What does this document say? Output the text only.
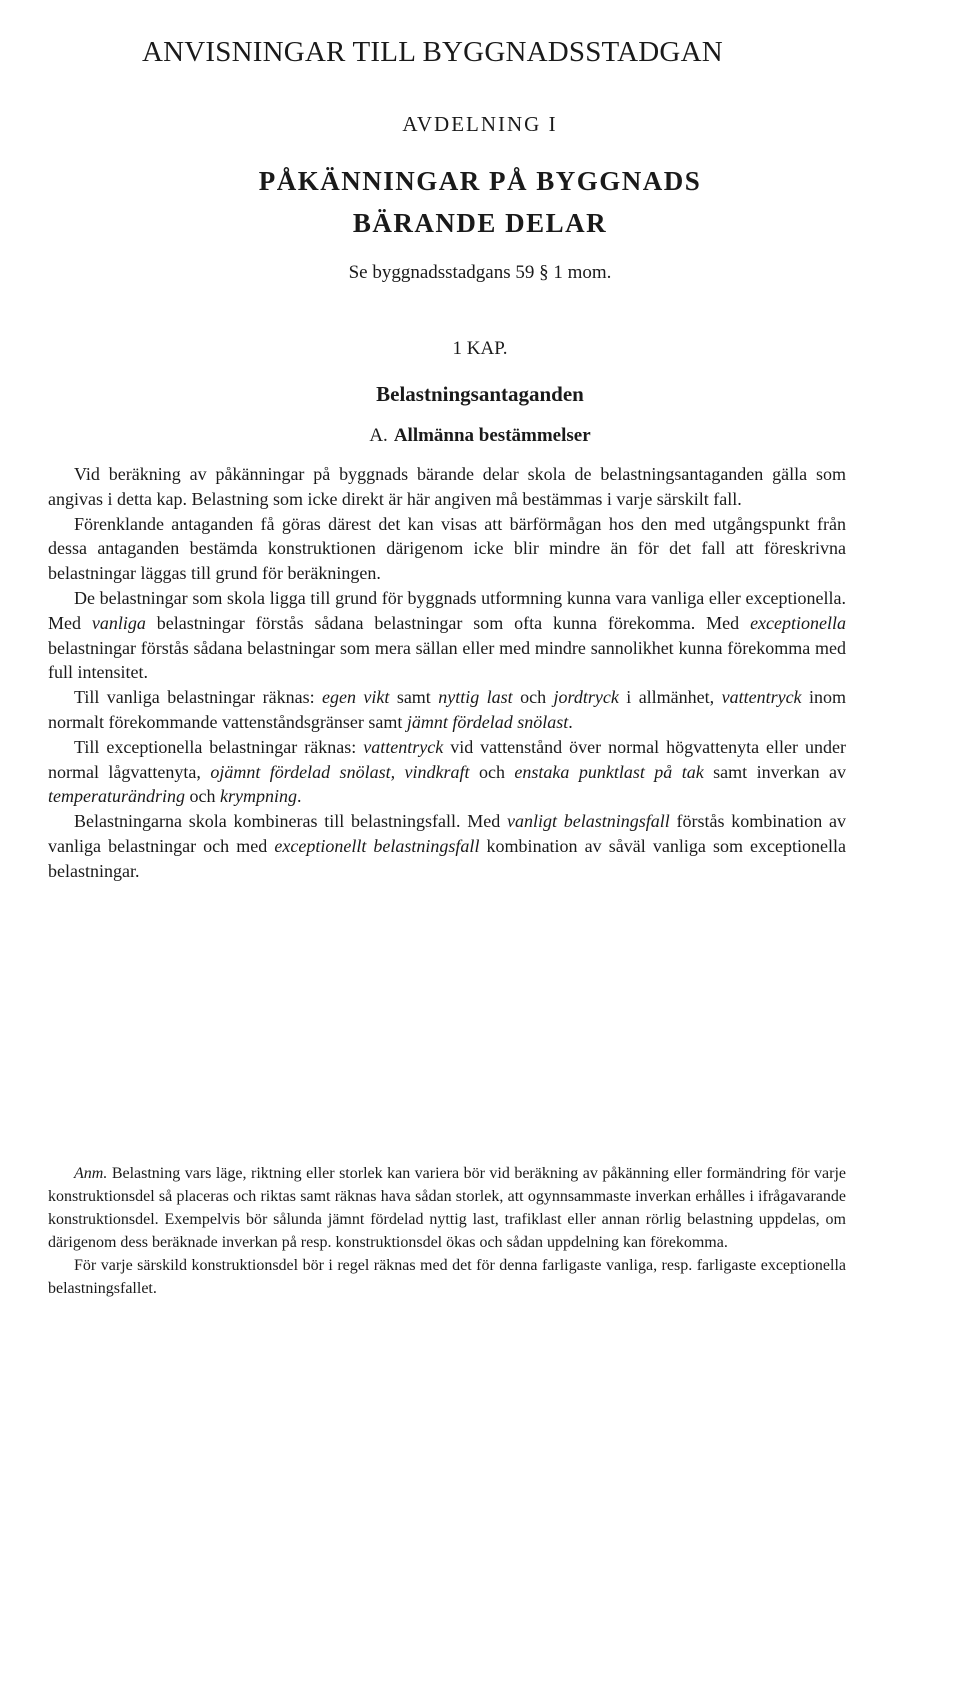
ANVISNINGAR TILL BYGGNADSSTADGAN
AVDELNING I
PÅKÄNNINGAR PÅ BYGGNADS
BÄRANDE DELAR
Se byggnadsstadgans 59 § 1 mom.
1 KAP.
Belastningsantaganden
A. Allmänna bestämmelser

Vid beräkning av påkänningar på byggnads bärande delar skola de belastningsantaganden gälla som angivas i detta kap. Belastning som icke direkt är här angiven må bestämmas i varje särskilt fall.

Förenklande antaganden få göras därest det kan visas att bärförmågan hos den med utgångspunkt från dessa antaganden bestämda konstruktionen därigenom icke blir mindre än för det fall att föreskrivna belastningar läggas till grund för beräkningen.

De belastningar som skola ligga till grund för byggnads utformning kunna vara vanliga eller exceptionella. Med vanliga belastningar förstås sådana belastningar som ofta kunna förekomma. Med exceptionella belastningar förstås sådana belastningar som mera sällan eller med mindre sannolikhet kunna förekomma med full intensitet.

Till vanliga belastningar räknas: egen vikt samt nyttig last och jordtryck i allmänhet, vattentryck inom normalt förekommande vattenståndsgränser samt jämnt fördelad snölast.

Till exceptionella belastningar räknas: vattentryck vid vattenstånd över normal högvattenyta eller under normal lågvattenyta, ojämnt fördelad snölast, vindkraft och enstaka punktlast på tak samt inverkan av temperaturändring och krympning.

Belastningarna skola kombineras till belastningsfall. Med vanligt belastningsfall förstås kombination av vanliga belastningar och med exceptionellt belastningsfall kombination av såväl vanliga som exceptionella belastningar.

Anm. Belastning vars läge, riktning eller storlek kan variera bör vid beräkning av påkänning eller formändring för varje konstruktionsdel så placeras och riktas samt räknas hava sådan storlek, att ogynnsammaste inverkan erhålles i ifrågavarande konstruktionsdel. Exempelvis bör sålunda jämnt fördelad nyttig last, trafiklast eller annan rörlig belastning uppdelas, om därigenom dess beräknade inverkan på resp. konstruktionsdel ökas och sådan uppdelning kan förekomma.

För varje särskild konstruktionsdel bör i regel räknas med det för denna farligaste vanliga, resp. farligaste exceptionella belastningsfallet.
